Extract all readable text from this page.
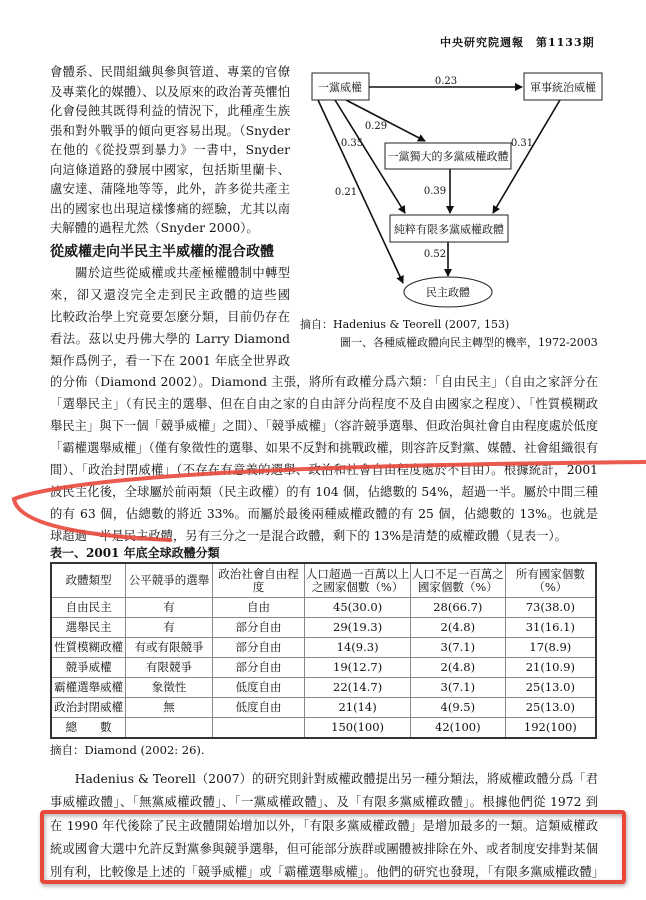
中央研究院週報　第1133期
會體系、民間組織與參與管道、專業的官僚
及專業化的媒體）、以及原來的政治菁英懼怕
化會侵蝕其既得利益的情況下，此種產生族
張和對外戰爭的傾向更容易出現。（Snyder
在他的《從投票到暴力》一書中，Snyder
向這條道路的發展中國家，包括斯里蘭卡、
盧安達、蒲隆地等等，此外，許多從共產主
出的國家也出現這樣慘痛的經驗，尤其以南
夫解體的過程尤然（Snyder 2000）。
從威權走向半民主半威權的混合政體
　　關於這些從威權或共產極權體制中轉型
來，卻又還沒完全走到民主政體的這些國
比較政治學上究竟要怎麼分類，目前仍存在
看法。茲以史丹佛大學的 Larry Diamond
類作爲例子，看一下在 2001 年底全世界政
的分佈（Diamond 2002）。Diamond 主張，將所有政權分爲六類：「自由民主」（自由之家評分在
「選舉民主」（有民主的選舉、但在自由之家的自由評分尚程度不及自由國家之程度）、「性質模糊政
舉民主」與下一個「競爭威權」之間）、「競爭威權」（容許競爭選舉、但政治與社會自由程度處於低度
「霸權選舉威權」（僅有象徵性的選舉、如果不反對和挑戰政權，則容許反對黨、媒體、社會組織很有
間）、「政治封閉威權」（不存在有意義的選舉、政治和社會自由程度處於不自由）。根據統計，2001
波民主化後，全球屬於前兩類（民主政權）的有 104 個，佔總數的 54%，超過一半。屬於中間三種
的有 63 個，佔總數的將近 33%。而屬於最後兩種威權政體的有 25 個，佔總數的 13%。也就是
球超過一半是民主政體，另有三分之一是混合政體，剩下的 13%是清楚的威權政體（見表一）。
一黨威權	軍事統治威權
一黨獨大的多黨威權政體
純粹有限多黨威權政體
民主政體
0.23
0.29
0.35
0.21
0.31
0.39
0.52
摘自：Hadenius & Teorell (2007, 153)
圖一、各種威權政體向民主轉型的機率，1972-2003
表一、2001 年底全球政體分類
政體類型	公平競爭的選舉	政治社會自由程度	人口超過一百萬以上之國家個數（%）	人口不足一百萬之國家個數（%）	所有國家個數（%）
自由民主	有	自由	45(30.0)	28(66.7)	73(38.0)
選舉民主	有	部分自由	29(19.3)	2(4.8)	31(16.1)
性質模糊政權	有或有限競爭	部分自由	14(9.3)	3(7.1)	17(8.9)
競爭威權	有限競爭	部分自由	19(12.7)	2(4.8)	21(10.9)
霸權選舉威權	象徵性	低度自由	22(14.7)	3(7.1)	25(13.0)
政治封閉威權	無	低度自由	21(14)	4(9.5)	25(13.0)
總　　數			150(100)	42(100)	192(100)
摘自：Diamond (2002: 26).
　　Hadenius & Teorell（2007）的研究則針對威權政體提出另一種分類法，將威權政體分爲「君
事威權政體」、「無黨威權政體」、「一黨威權政體」、及「有限多黨威權政體」。根據他們從 1972 到
在 1990 年代後除了民主政體開始增加以外，「有限多黨威權政體」是增加最多的一類。這類威權政
統或國會大選中允許反對黨參與競爭選舉，但可能部分族群或團體被排除在外、或者制度安排對某個
別有利，比較像是上述的「競爭威權」或「霸權選舉威權」。他們的研究也發現，「有限多黨威權政體」
